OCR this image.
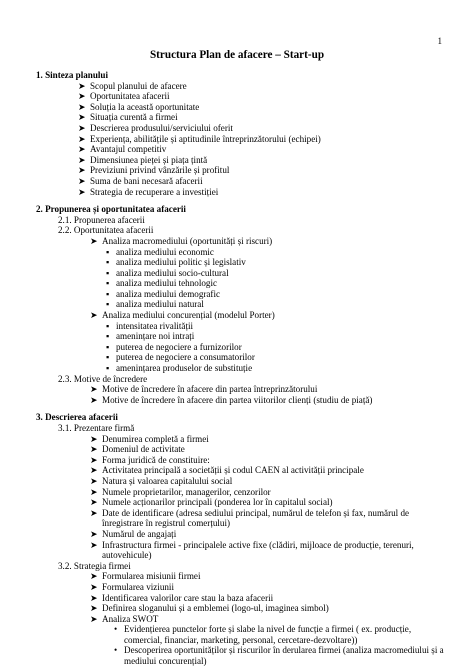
1
Structura Plan de afacere – Start-up
1. Sinteza planului
➤ Scopul planului de afacere
➤ Oportunitatea afacerii
➤ Soluția la această oportunitate
➤ Situația curentă a firmei
➤ Descrierea produsului/serviciului oferit
➤ Experiența, abilitățile și aptitudinile întreprinzătorului (echipei)
➤ Avantajul competitiv
➤ Dimensiunea pieței și piața țintă
➤ Previziuni privind vânzările și profitul
➤ Suma de bani necesară afacerii
➤ Strategia de recuperare a investiției
2. Propunerea și oportunitatea afacerii
2.1. Propunerea afacerii
2.2. Oportunitatea afacerii
➤ Analiza macromediului (oportunități și riscuri)
▪ analiza mediului economic
▪ analiza mediului politic și legislativ
▪ analiza mediului socio-cultural
▪ analiza mediului tehnologic
▪ analiza mediului demografic
▪ analiza mediului natural
➤ Analiza mediului concurențial (modelul Porter)
▪ intensitatea rivalității
▪ amenințare noi intrați
▪ puterea de negociere a furnizorilor
▪ puterea de negociere a consumatorilor
▪ amenințarea produselor de substituție
2.3. Motive de încredere
➤ Motive de încredere în afacere din partea întreprinzătorului
➤ Motive de încredere în afacere din partea viitorilor clienți (studiu de piață)
3. Descrierea afacerii
3.1. Prezentare firmă
➤ Denumirea completă a firmei
➤ Domeniul de activitate
➤ Forma juridică de constituire:
➤ Activitatea principală a societății și codul CAEN al activității principale
➤ Natura și valoarea capitalului social
➤ Numele proprietarilor, managerilor, cenzorilor
➤ Numele acționarilor principali (ponderea lor în capitalul social)
➤ Date de identificare (adresa sediului principal, numărul de telefon și fax, numărul de înregistrare în registrul comerțului)
➤ Numărul de angajați
➤ Infrastructura firmei - principalele active fixe (clădiri, mijloace de producție, terenuri, autovehicule)
3.2. Strategia firmei
➤ Formularea misiunii firmei
➤ Formularea viziunii
➤ Identificarea valorilor care stau la baza afacerii
➤ Definirea sloganului și a emblemei (logo-ul, imaginea simbol)
➤ Analiza SWOT
• Evidențierea punctelor forte și slabe la nivel de funcție a firmei ( ex. producție, comercial, financiar, marketing, personal, cercetare-dezvoltare))
• Descoperirea oportunităților și riscurilor în derularea firmei (analiza macromediului și a mediului concurențial)
